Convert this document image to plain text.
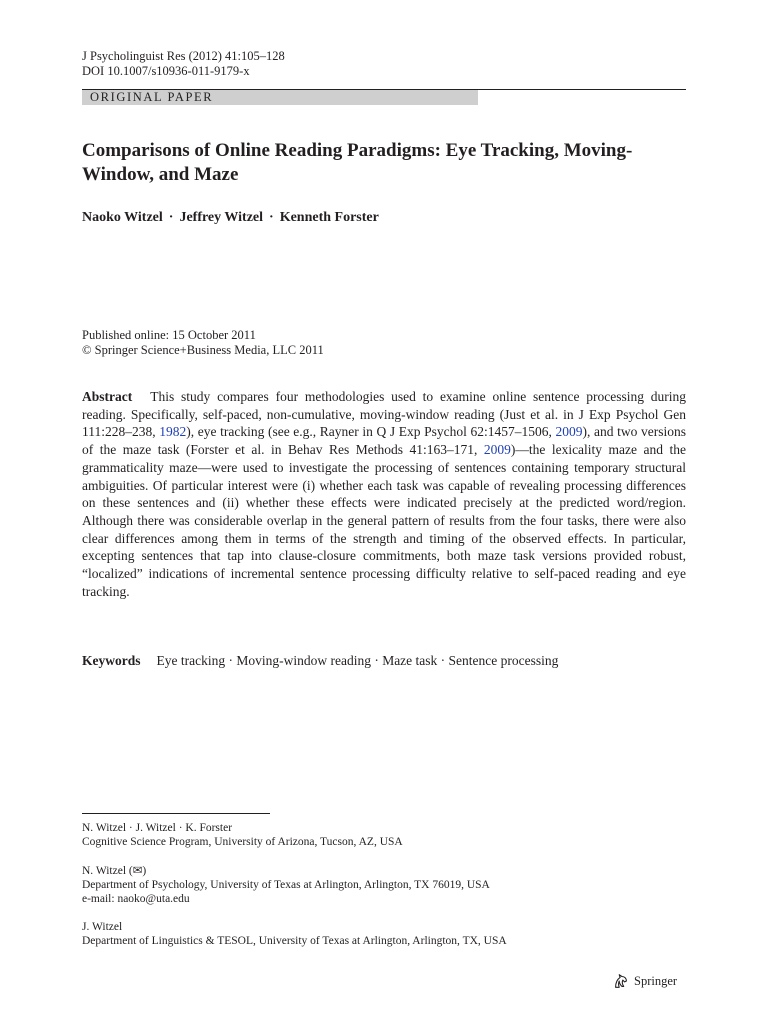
J Psycholinguist Res (2012) 41:105–128
DOI 10.1007/s10936-011-9179-x
ORIGINAL PAPER
Comparisons of Online Reading Paradigms: Eye Tracking, Moving-Window, and Maze
Naoko Witzel · Jeffrey Witzel · Kenneth Forster
Published online: 15 October 2011
© Springer Science+Business Media, LLC 2011

Abstract This study compares four methodologies used to examine online sentence processing during reading. Specifically, self-paced, non-cumulative, moving-window reading (Just et al. in J Exp Psychol Gen 111:228–238, 1982), eye tracking (see e.g., Rayner in Q J Exp Psychol 62:1457–1506, 2009), and two versions of the maze task (Forster et al. in Behav Res Methods 41:163–171, 2009)—the lexicality maze and the grammaticality maze—were used to investigate the processing of sentences containing temporary structural ambiguities. Of particular interest were (i) whether each task was capable of revealing processing differences on these sentences and (ii) whether these effects were indicated precisely at the predicted word/region. Although there was considerable overlap in the general pattern of results from the four tasks, there were also clear differences among them in terms of the strength and timing of the observed effects. In particular, excepting sentences that tap into clause-closure commitments, both maze task versions provided robust, “localized” indications of incremental sentence processing difficulty relative to self-paced reading and eye tracking.

Keywords Eye tracking · Moving-window reading · Maze task · Sentence processing
N. Witzel · J. Witzel · K. Forster
Cognitive Science Program, University of Arizona, Tucson, AZ, USA
N. Witzel (✉)
Department of Psychology, University of Texas at Arlington, Arlington, TX 76019, USA
e-mail: naoko@uta.edu
J. Witzel
Department of Linguistics & TESOL, University of Texas at Arlington, Arlington, TX, USA
Springer
